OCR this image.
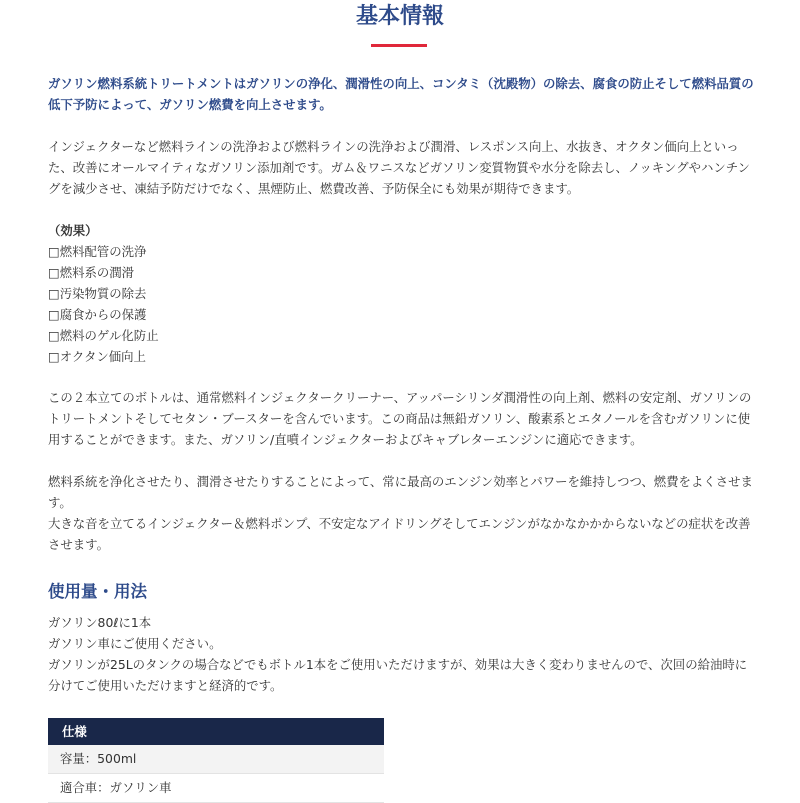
基本情報

ガソリン燃料系統トリートメントはガソリンの浄化、潤滑性の向上、コンタミ（沈殿物）の除去、腐食の防止そして燃料品質の低下予防によって、ガソリン燃費を向上させます。

インジェクターなど燃料ラインの洗浄および燃料ラインの洗浄および潤滑、レスポンス向上、水抜き、オクタン価向上といった、改善にオールマイティなガソリン添加剤です。ガム＆ワニスなどガソリン変質物質や水分を除去し、ノッキングやハンチングを減少させ、凍結予防だけでなく、黒煙防止、燃費改善、予防保全にも効果が期待できます。

（効果）

□燃料配管の洗浄
□燃料系の潤滑
□汚染物質の除去
□腐食からの保護
□燃料のゲル化防止
□オクタン価向上

この２本立てのボトルは、通常燃料インジェクタークリーナー、アッパーシリンダ潤滑性の向上剤、燃料の安定剤、ガソリンのトリートメントそしてセタン・ブースターを含んでいます。この商品は無鉛ガソリン、酸素系とエタノールを含むガソリンに使用することができます。また、ガソリン/直噴インジェクターおよびキャブレターエンジンに適応できます。

燃料系統を浄化させたり、潤滑させたりすることによって、常に最高のエンジン効率とパワーを維持しつつ、燃費をよくさせます。
大きな音を立てるインジェクター＆燃料ポンプ、不安定なアイドリングそしてエンジンがなかなかかからないなどの症状を改善させます。

使用量・用法

ガソリン80ℓに1本

ガソリン車にご使用ください。

ガソリンが25Lのタンクの場合などでもボトル1本をご使用いただけますが、効果は大きく変わりませんので、次回の給油時に分けてご使用いただけますと経済的です。

仕様
容量：500ml
適合車：ガソリン車
